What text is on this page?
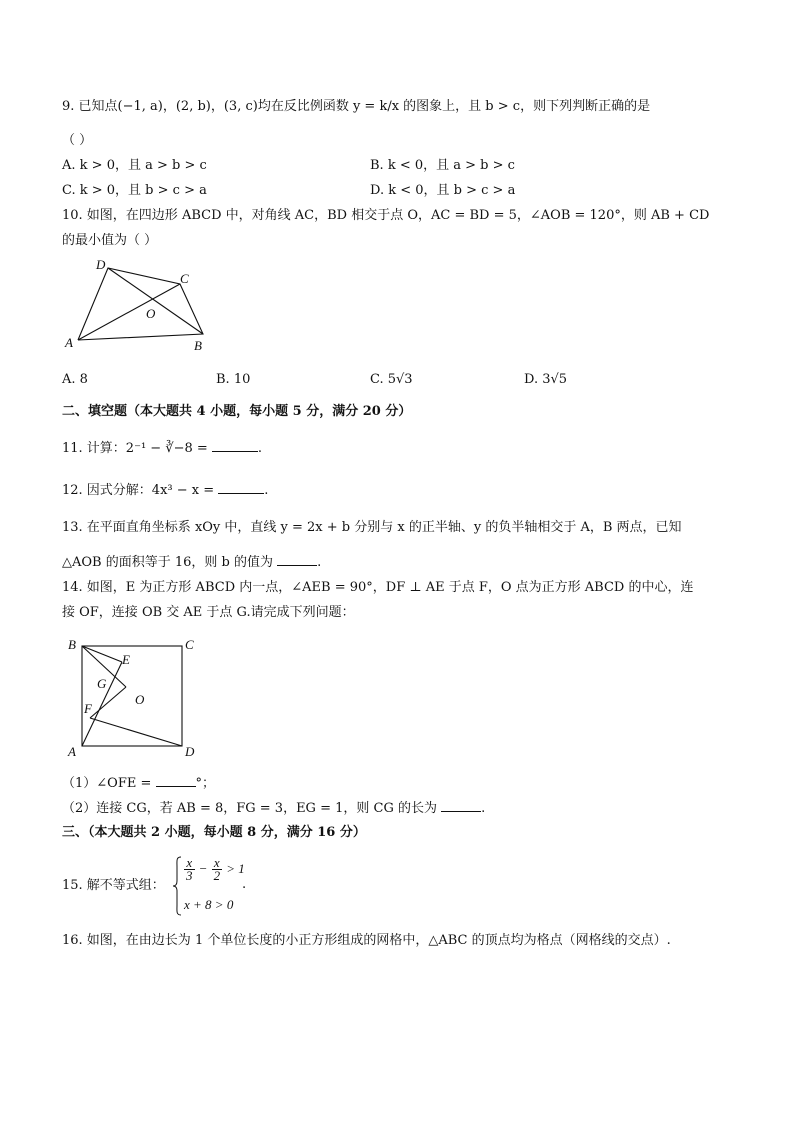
9. 已知点(−1, a)，(2, b)，(3, c)均在反比例函数 y = k/x 的图象上，且 b > c，则下列判断正确的是
（ ）
A. k > 0，且 a > b > c	B. k < 0，且 a > b > c
C. k > 0，且 b > c > a	D. k < 0，且 b > c > a
10. 如图，在四边形 ABCD 中，对角线 AC，BD 相交于点 O，AC = BD = 5，∠AOB = 120°，则 AB + CD
的最小值为（ ）
A	B
C
D
O
A. 8	B. 10	C. 5√3	D. 3√5
二、填空题（本大题共 4 小题，每小题 5 分，满分 20 分）
11. 计算：2⁻¹ − ∛−8 =	.
12. 因式分解：4x³ − x =	.
13. 在平面直角坐标系 xOy 中，直线 y = 2x + b 分别与 x 的正半轴、y 的负半轴相交于 A，B 两点，已知
△AOB 的面积等于 16，则 b 的值为	.
14. 如图，E 为正方形 ABCD 内一点，∠AEB = 90°，DF ⊥ AE 于点 F，O 点为正方形 ABCD 的中心，连
接 OF，连接 OB 交 AE 于点 G.请完成下列问题：
B	C
A	D
E
G
F
O
（1）∠OFE =	°；
（2）连接 CG，若 AB = 8，FG = 3，EG = 1，则 CG 的长为	.
三、（本大题共 2 小题，每小题 8 分，满分 16 分）
15. 解不等式组：
$\frac{x}{3} - \frac{x}{2} > 1$
x + 8 > 0
.
16. 如图，在由边长为 1 个单位长度的小正方形组成的网格中，△ABC 的顶点均为格点（网格线的交点）.
